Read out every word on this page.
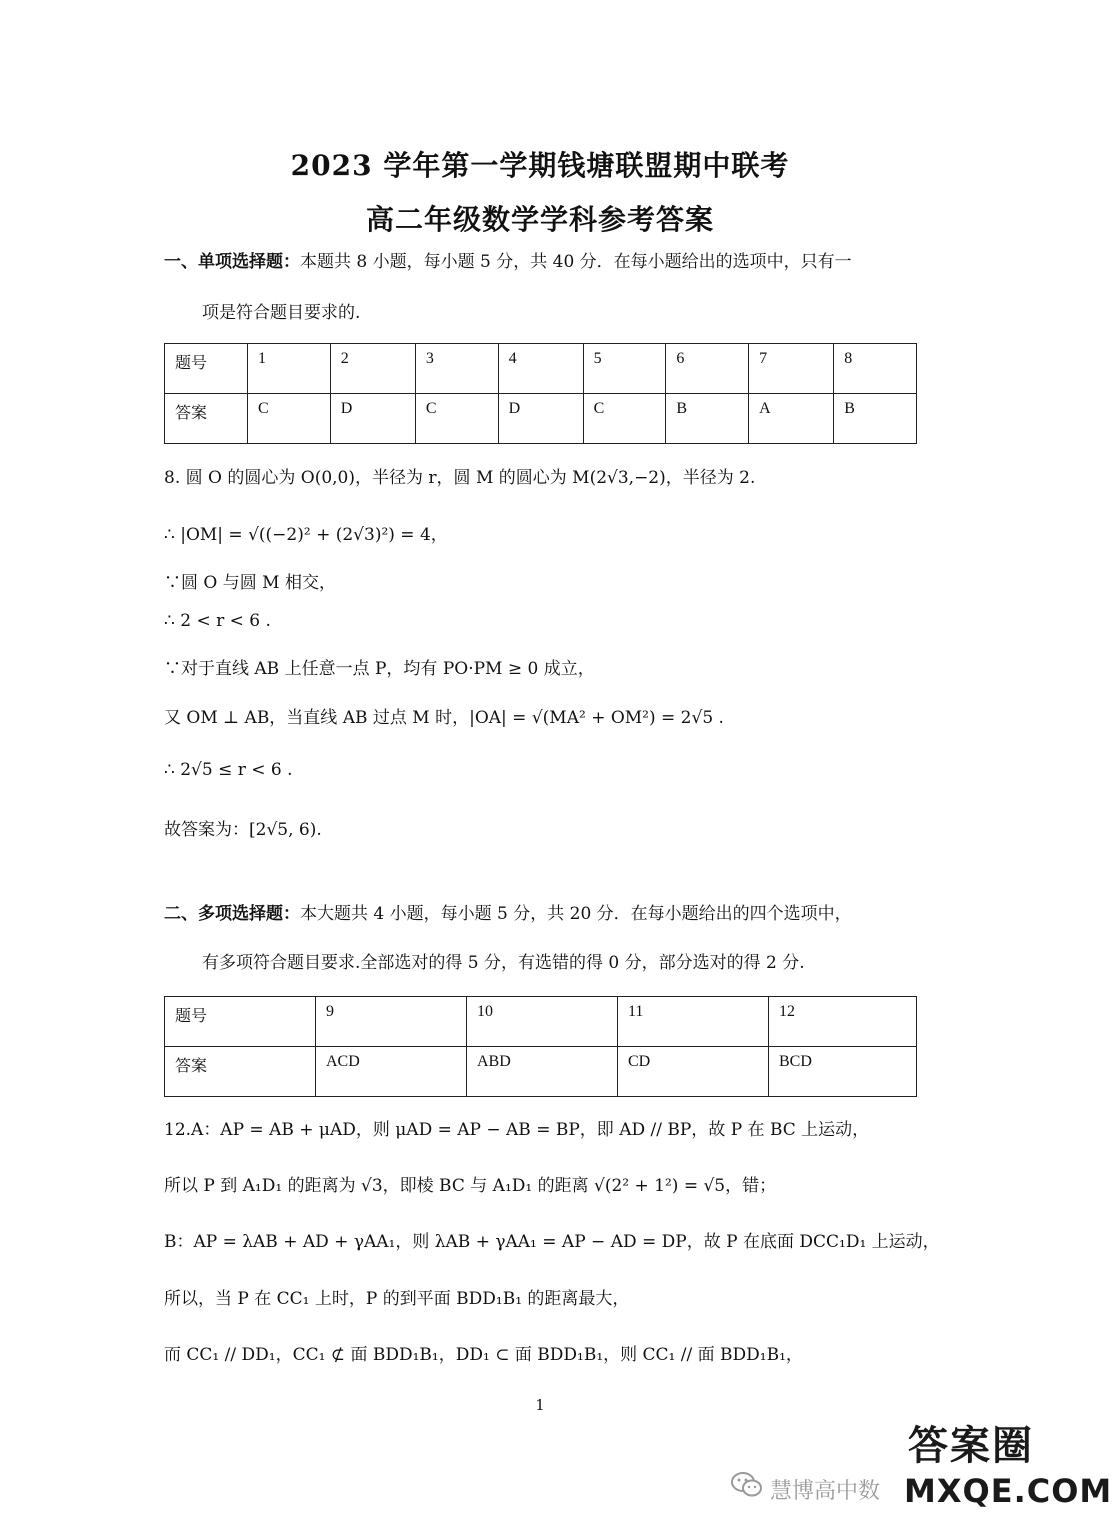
2023 学年第一学期钱塘联盟期中联考
高二年级数学学科参考答案
一、单项选择题：本题共 8 小题，每小题 5 分，共 40 分．在每小题给出的选项中，只有一
项是符合题目要求的.
题号	1	2	3	4	5	6	7	8
答案	C	D	C	D	C	B	A	B
8. 圆 O 的圆心为 O(0,0)，半径为 r，圆 M 的圆心为 M(2√3,−2)，半径为 2.
∴ |OM| = √((−2)² + (2√3)²) = 4，
∵圆 O 与圆 M 相交，
∴ 2 < r < 6 .
∵对于直线 AB 上任意一点 P，均有 PO·PM ≥ 0 成立，
又 OM ⊥ AB，当直线 AB 过点 M 时，|OA| = √(MA² + OM²) = 2√5 .
∴ 2√5 ≤ r < 6 .
故答案为：[2√5, 6).
二、多项选择题：本大题共 4 小题，每小题 5 分，共 20 分．在每小题给出的四个选项中，
有多项符合题目要求.全部选对的得 5 分，有选错的得 0 分，部分选对的得 2 分.
题号	9	10	11	12
答案	ACD	ABD	CD	BCD
12.A：AP = AB + μAD，则 μAD = AP − AB = BP，即 AD // BP，故 P 在 BC 上运动，
所以 P 到 A₁D₁ 的距离为 √3，即棱 BC 与 A₁D₁ 的距离 √(2² + 1²) = √5，错；
B：AP = λAB + AD + γAA₁，则 λAB + γAA₁ = AP − AD = DP，故 P 在底面 DCC₁D₁ 上运动，
所以，当 P 在 CC₁ 上时，P 的到平面 BDD₁B₁ 的距离最大，
而 CC₁ // DD₁，CC₁ ⊄ 面 BDD₁B₁，DD₁ ⊂ 面 BDD₁B₁，则 CC₁ // 面 BDD₁B₁，
1
慧博高中数
答案圈
MXQE.COM
